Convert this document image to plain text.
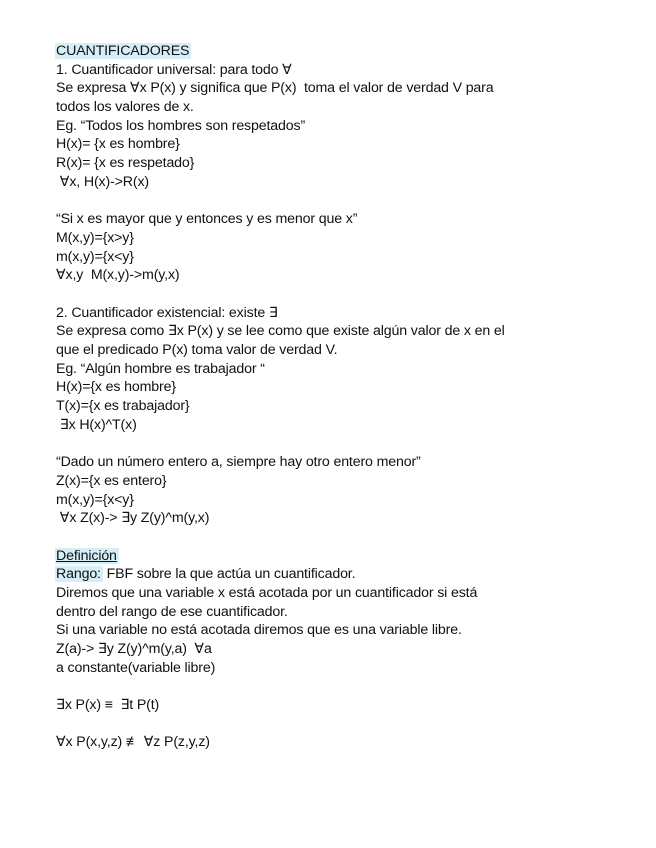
CUANTIFICADORES
1. Cuantificador universal: para todo ∀
Se expresa ∀x P(x) y significa que P(x)  toma el valor de verdad V para
todos los valores de x.
Eg. “Todos los hombres son respetados”
H(x)= {x es hombre}
R(x)= {x es respetado}
∀x, H(x)->R(x)
“Si x es mayor que y entonces y es menor que x”
M(x,y)={x>y}
m(x,y)={x<y}
∀x,y  M(x,y)->m(y,x)
2. Cuantificador existencial: existe ∃
Se expresa como ∃x P(x) y se lee como que existe algún valor de x en el
que el predicado P(x) toma valor de verdad V.
Eg. “Algún hombre es trabajador “
H(x)={x es hombre}
T(x)={x es trabajador}
∃x H(x)^T(x)
“Dado un número entero a, siempre hay otro entero menor”
Z(x)={x es entero}
m(x,y)={x<y}
∀x Z(x)-> ∃y Z(y)^m(y,x)
Definición
Rango: FBF sobre la que actúa un cuantificador.
Diremos que una variable x está acotada por un cuantificador si está
dentro del rango de ese cuantificador.
Si una variable no está acotada diremos que es una variable libre.
Z(a)-> ∃y Z(y)^m(y,a)  ∀a
a constante(variable libre)
∃x P(x) ≡  ∃t P(t)
∀x P(x,y,z) ≢ ∀z P(z,y,z)
